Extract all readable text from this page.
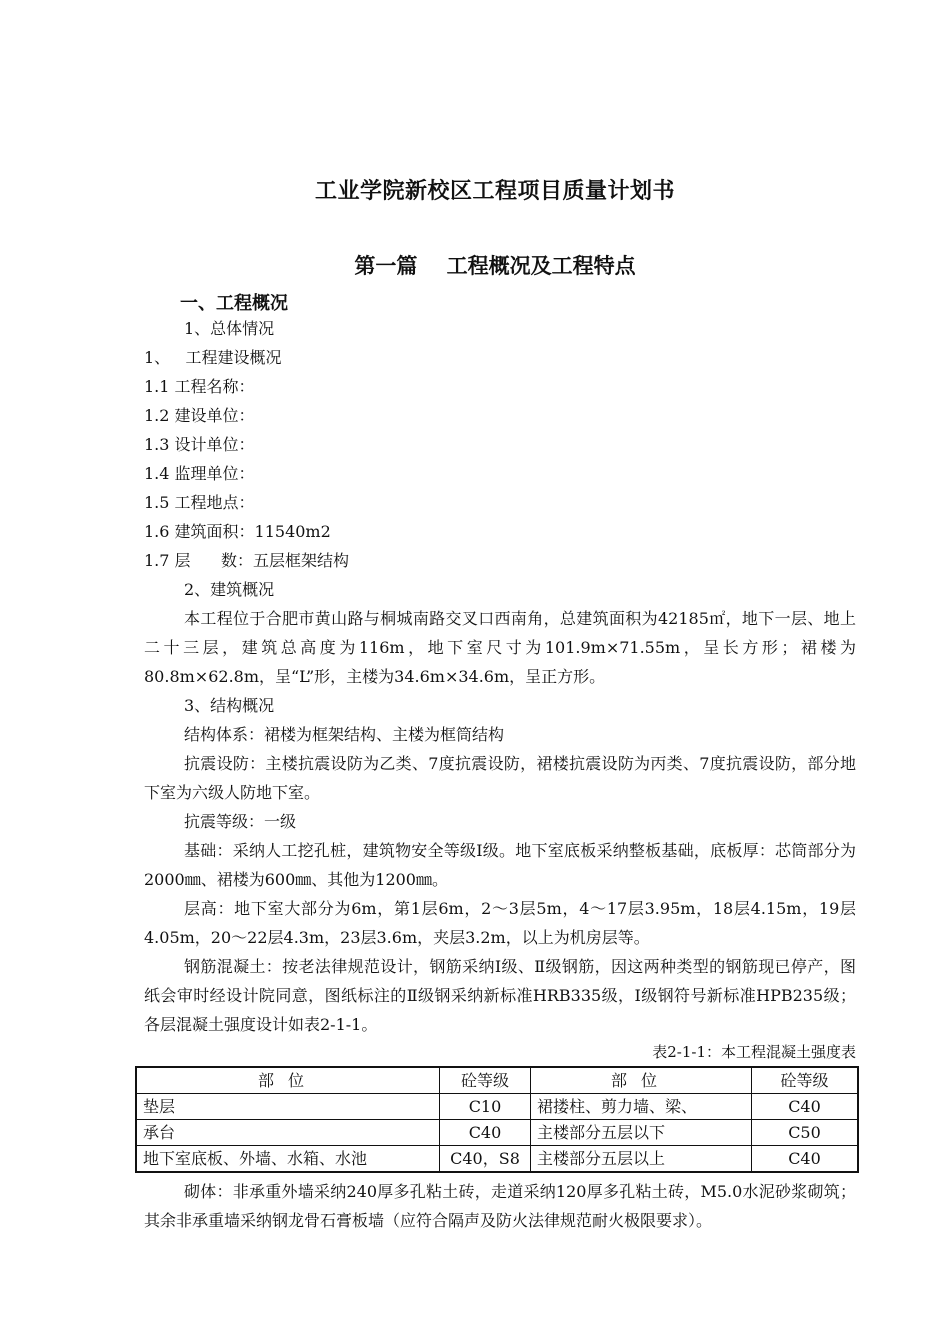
工业学院新校区工程项目质量计划书
第一篇    工程概况及工程特点
一、工程概况
1、总体情况
1、   工程建设概况
1.1 工程名称：
1.2 建设单位：
1.3 设计单位：
1.4 监理单位：
1.5 工程地点：
1.6 建筑面积：11540m2
1.7 层      数：五层框架结构
2、建筑概况
本工程位于合肥市黄山路与桐城南路交叉口西南角，总建筑面积为42185㎡，地下一层、地上二十三层，建筑总高度为116m，地下室尺寸为101.9m×71.55m，呈长方形；裙楼为80.8m×62.8m，呈“L”形，主楼为34.6m×34.6m，呈正方形。
3、结构概况
结构体系：裙楼为框架结构、主楼为框筒结构
抗震设防：主楼抗震设防为乙类、7度抗震设防，裙楼抗震设防为丙类、7度抗震设防，部分地下室为六级人防地下室。
抗震等级：一级
基础：采纳人工挖孔桩，建筑物安全等级Ⅰ级。地下室底板采纳整板基础，底板厚：芯筒部分为2000㎜、裙楼为600㎜、其他为1200㎜。
层高：地下室大部分为6m，第1层6m，2～3层5m，4～17层3.95m，18层4.15m，19层4.05m，20～22层4.3m，23层3.6m，夹层3.2m，以上为机房层等。
钢筋混凝土：按老法律规范设计，钢筋采纳Ⅰ级、Ⅱ级钢筋，因这两种类型的钢筋现已停产，图纸会审时经设计院同意，图纸标注的Ⅱ级钢采纳新标准HRB335级，Ⅰ级钢符号新标准HPB235级；各层混凝土强度设计如表2-1-1。
表2-1-1：本工程混凝土强度表
部位	砼等级	部位	砼等级
垫层	C10	裙搂柱、剪力墙、梁、	C40
承台	C40	主楼部分五层以下	C50
地下室底板、外墙、水箱、水池	C40，S8	主楼部分五层以上	C40
砌体：非承重外墙采纳240厚多孔粘土砖，走道采纳120厚多孔粘土砖，M5.0水泥砂浆砌筑；其余非承重墙采纳钢龙骨石膏板墙（应符合隔声及防火法律规范耐火极限要求）。
